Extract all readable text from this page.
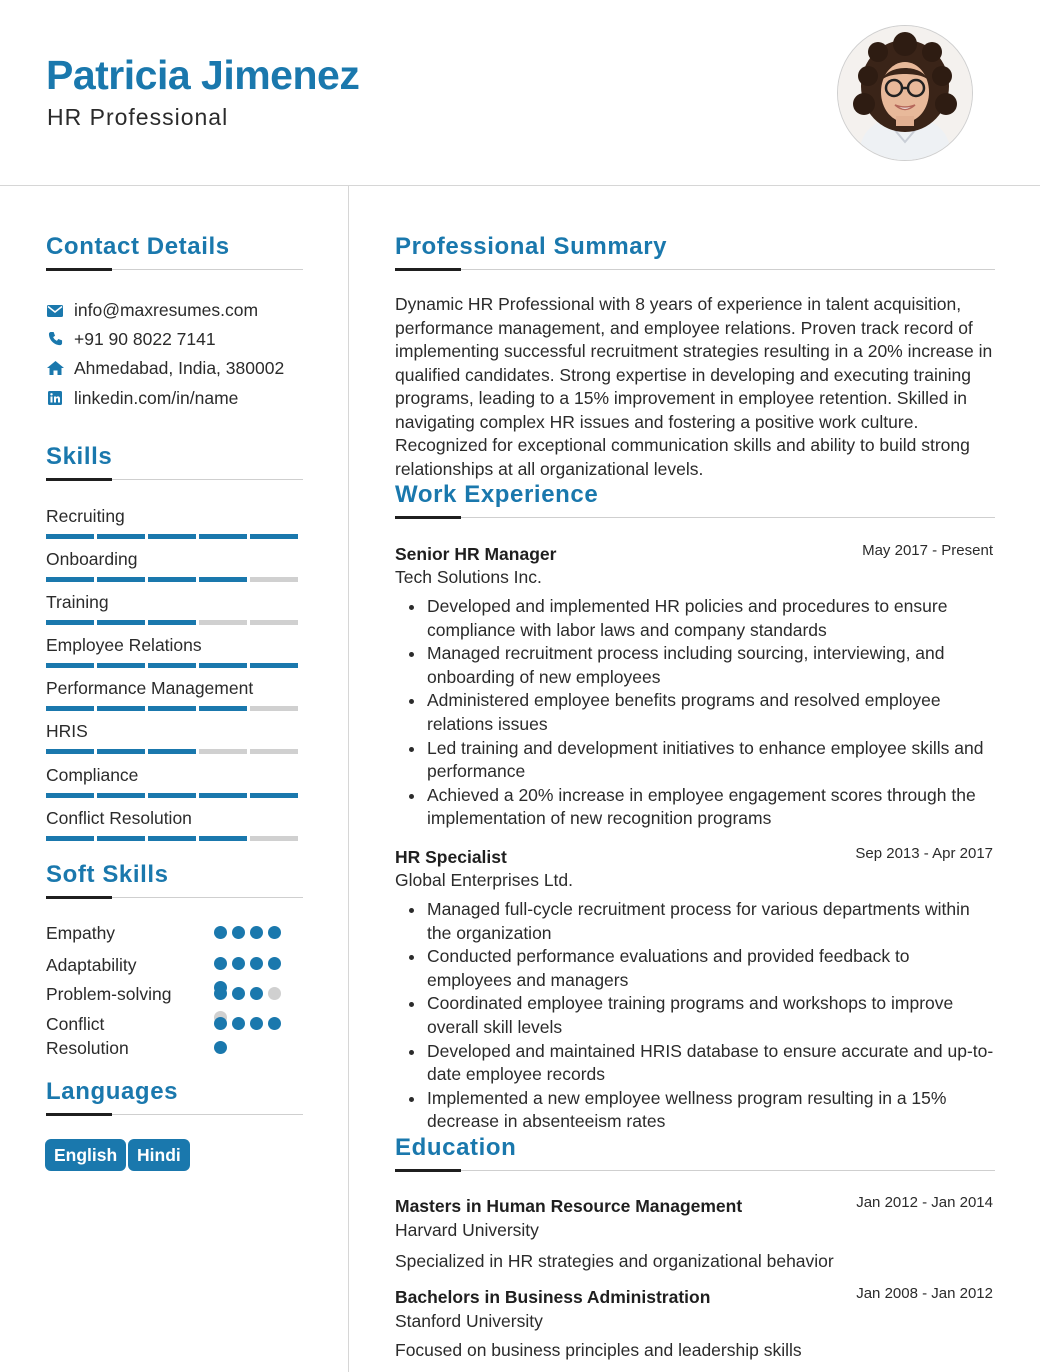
Patricia Jimenez
HR Professional
Contact Details
info@maxresumes.com
+91 90 8022 7141
Ahmedabad, India, 380002
linkedin.com/in/name
Skills
Recruiting
Onboarding
Training
Employee Relations
Performance Management
HRIS
Compliance
Conflict Resolution
Soft Skills
Empathy
Adaptability
Problem-solving
Conflict Resolution
Languages
English	Hindi
Professional Summary
Dynamic HR Professional with 8 years of experience in talent acquisition, performance management, and employee relations. Proven track record of implementing successful recruitment strategies resulting in a 20% increase in qualified candidates. Strong expertise in developing and executing training programs, leading to a 15% improvement in employee retention. Skilled in navigating complex HR issues and fostering a positive work culture. Recognized for exceptional communication skills and ability to build strong relationships at all organizational levels.
Work Experience
Senior HR Manager	May 2017 - Present
Tech Solutions Inc.
Developed and implemented HR policies and procedures to ensure compliance with labor laws and company standards
Managed recruitment process including sourcing, interviewing, and onboarding of new employees
Administered employee benefits programs and resolved employee relations issues
Led training and development initiatives to enhance employee skills and performance
Achieved a 20% increase in employee engagement scores through the implementation of new recognition programs
HR Specialist	Sep 2013 - Apr 2017
Global Enterprises Ltd.
Managed full-cycle recruitment process for various departments within the organization
Conducted performance evaluations and provided feedback to employees and managers
Coordinated employee training programs and workshops to improve overall skill levels
Developed and maintained HRIS database to ensure accurate and up-to-date employee records
Implemented a new employee wellness program resulting in a 15% decrease in absenteeism rates
Education
Masters in Human Resource Management	Jan 2012 - Jan 2014
Harvard University
Specialized in HR strategies and organizational behavior
Bachelors in Business Administration	Jan 2008 - Jan 2012
Stanford University
Focused on business principles and leadership skills
